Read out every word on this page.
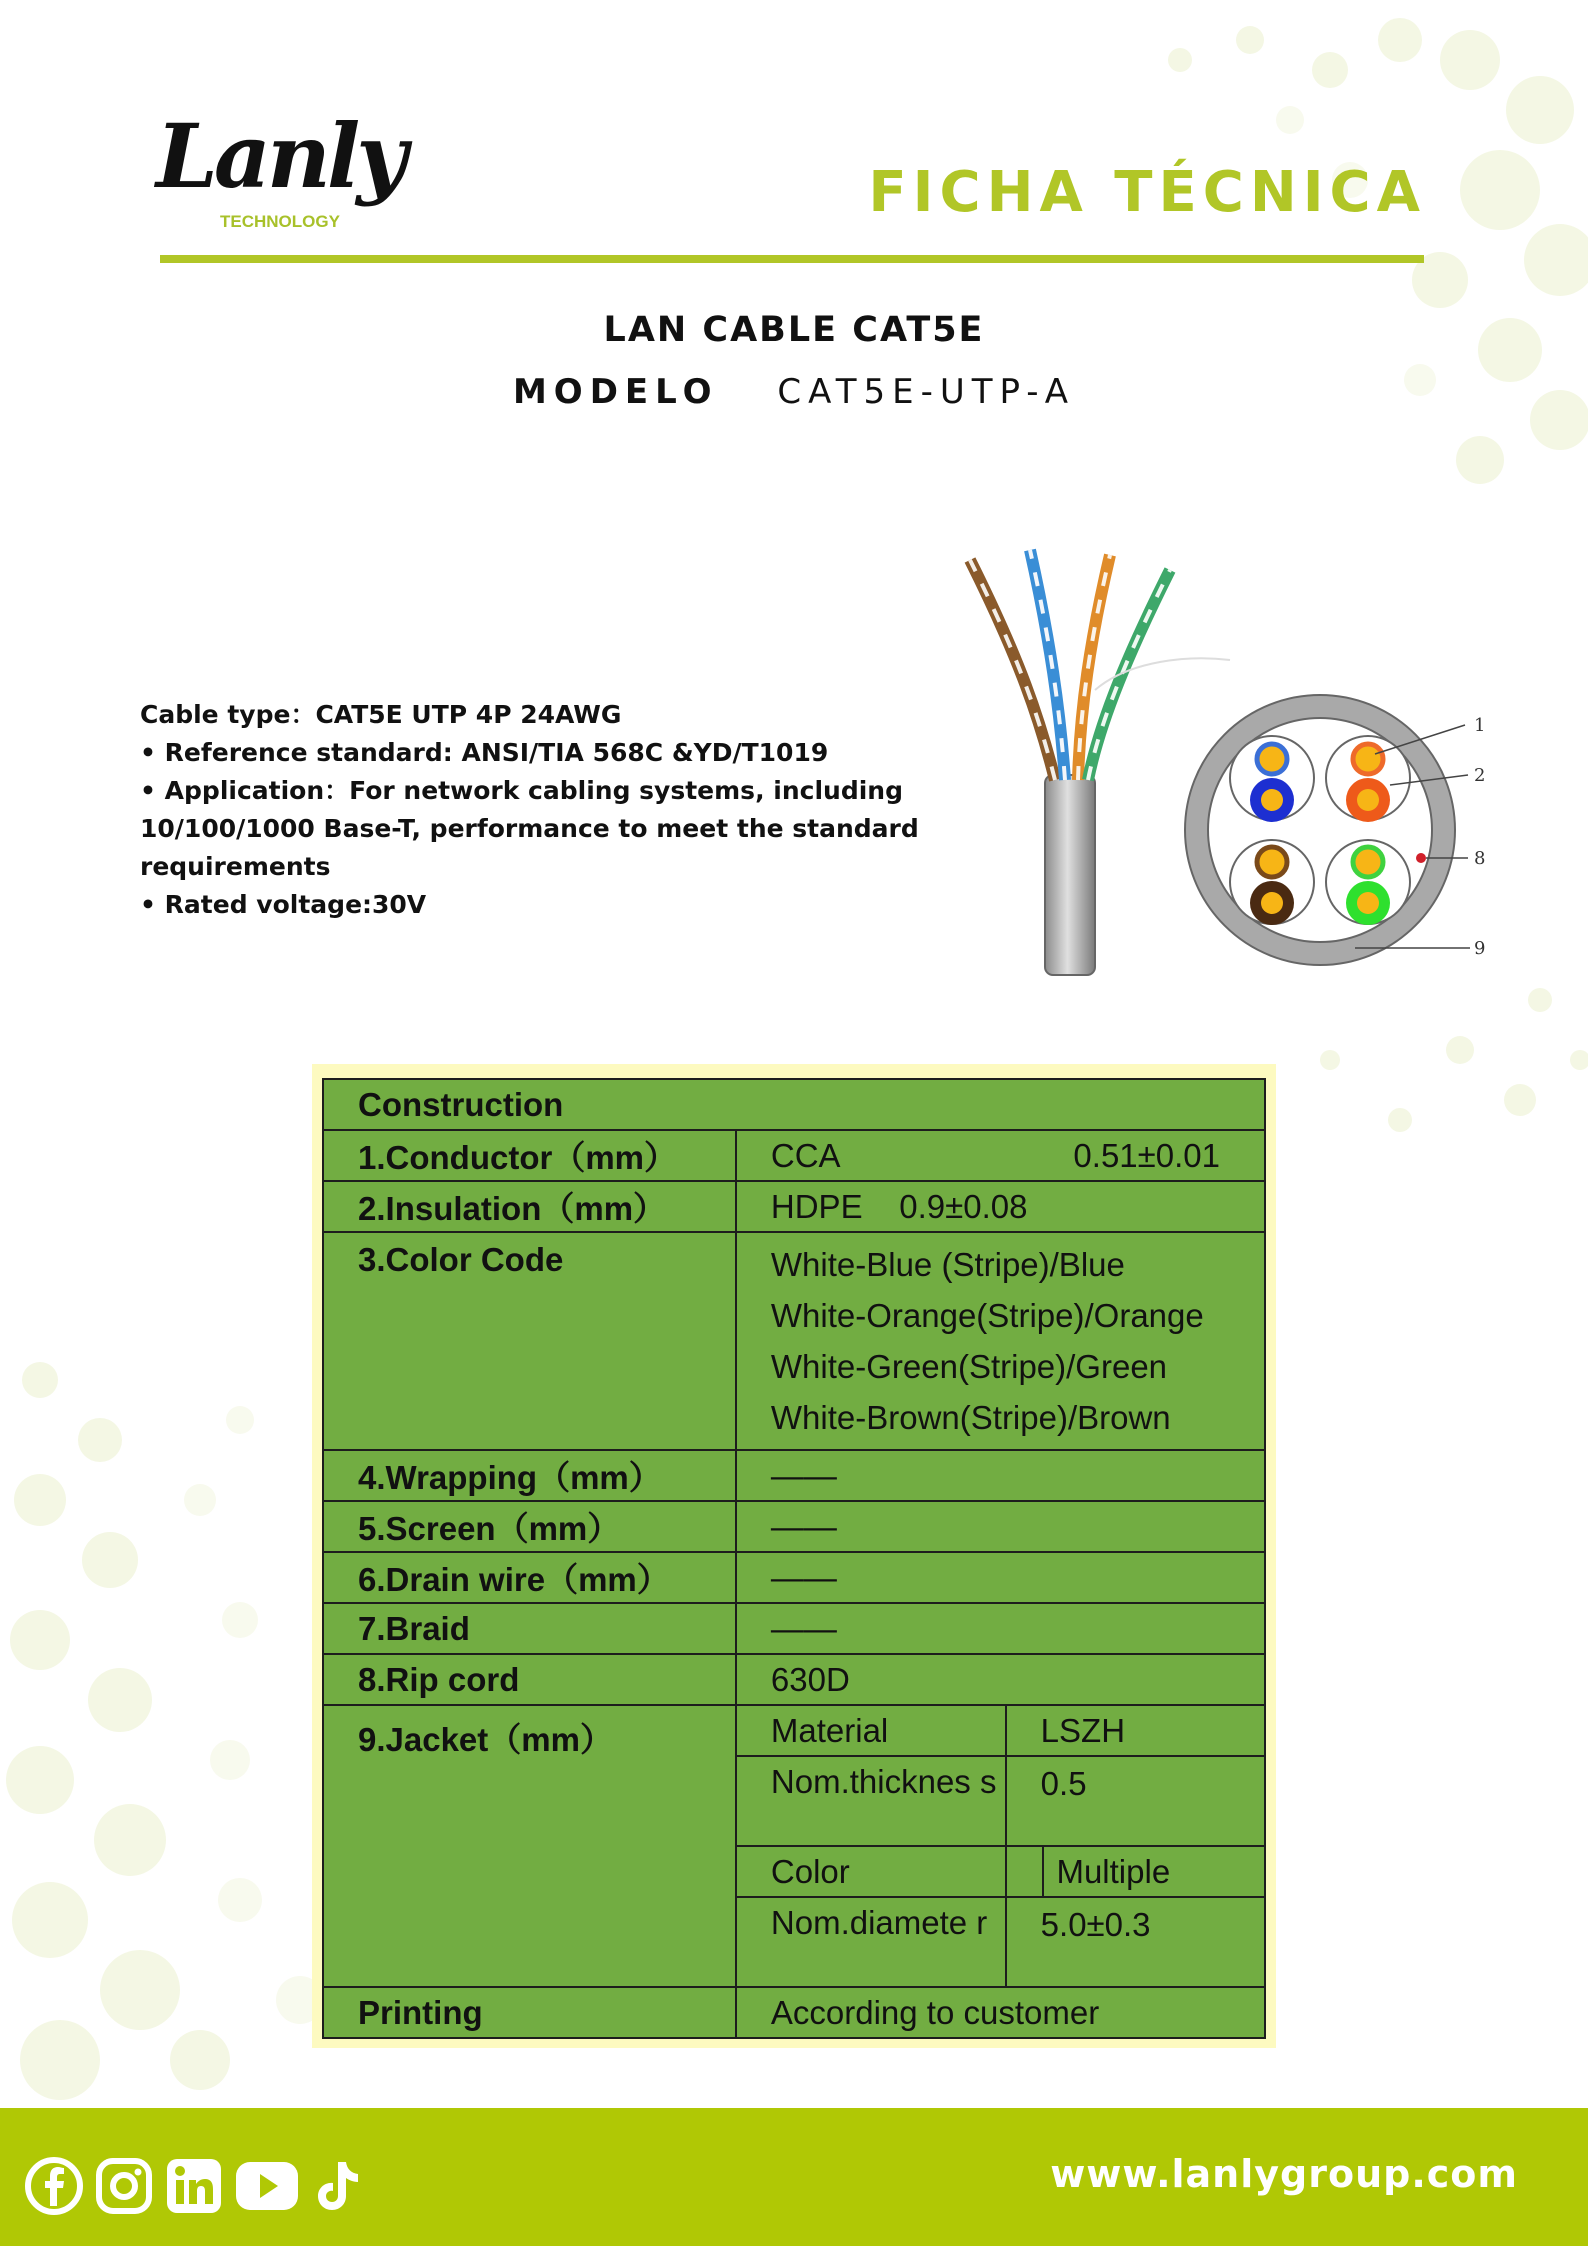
Lanly
TECHNOLOGY	FICHA TÉCNICA
LAN CABLE CAT5E
MODELO CAT5E-UTP-A

Cable type：CAT5E UTP 4P 24AWG

• Reference standard: ANSI/TIA 568C &YD/T1019

• Application：For network cabling systems, including 10/100/1000 Base-T, performance to meet the standard requirements

• Rated voltage:30V

1
2
8
9
Construction			
1.Conductor（mm）	CCA 0.51±0.01		

2.Insulation（mm）	HDPE    0.9±0.08		
3.Color Code	White-Blue (Stripe)/Blue
White-Orange(Stripe)/Orange
White-Green(Stripe)/Green
White-Brown(Stripe)/Brown		

4.Wrapping（mm）	——		
5.Screen（mm）	——		
6.Drain wire（mm）	——		
7.Braid	——		
8.Rip cord	630D		
9.Jacket（mm）	Material	LSZH	
	Nom.thicknes s	0.5	
	Color		Multiple
	Nom.diamete r	5.0±0.3	
Printing	According to customer		
www.lanlygroup.com
